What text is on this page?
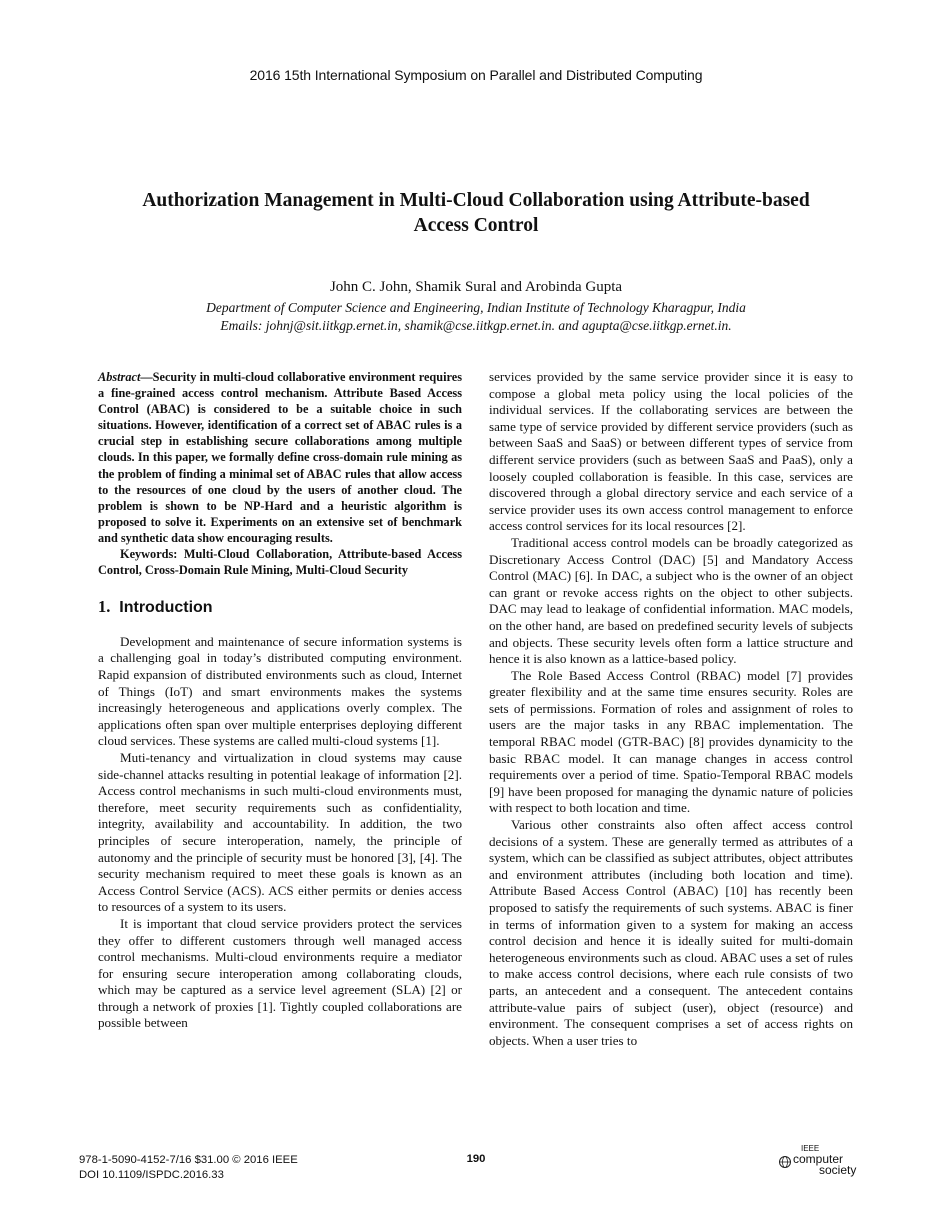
2016 15th International Symposium on Parallel and Distributed Computing
Authorization Management in Multi-Cloud Collaboration using Attribute-based
Access Control
John C. John, Shamik Sural and Arobinda Gupta
Department of Computer Science and Engineering, Indian Institute of Technology Kharagpur, India
Emails: johnj@sit.iitkgp.ernet.in, shamik@cse.iitkgp.ernet.in. and agupta@cse.iitkgp.ernet.in.

Abstract—Security in multi-cloud collaborative environment requires a fine-grained access control mechanism. Attribute Based Access Control (ABAC) is considered to be a suitable choice in such situations. However, identification of a correct set of ABAC rules is a crucial step in establishing secure collaborations among multiple clouds. In this paper, we formally define cross-domain rule mining as the problem of finding a minimal set of ABAC rules that allow access to the resources of one cloud by the users of another cloud. The problem is shown to be NP-Hard and a heuristic algorithm is proposed to solve it. Experiments on an extensive set of benchmark and synthetic data show encouraging results.

Keywords: Multi-Cloud Collaboration, Attribute-based Access Control, Cross-Domain Rule Mining, Multi-Cloud Security

1. Introduction

Development and maintenance of secure information systems is a challenging goal in today’s distributed computing environment. Rapid expansion of distributed environments such as cloud, Internet of Things (IoT) and smart environments makes the systems increasingly heterogeneous and applications overly complex. The applications often span over multiple enterprises deploying different cloud services. These systems are called multi-cloud systems [1].

Muti-tenancy and virtualization in cloud systems may cause side-channel attacks resulting in potential leakage of information [2]. Access control mechanisms in such multi-cloud environments must, therefore, meet security requirements such as confidentiality, integrity, availability and accountability. In addition, the two principles of secure interoperation, namely, the principle of autonomy and the principle of security must be honored [3], [4]. The security mechanism required to meet these goals is known as an Access Control Service (ACS). ACS either permits or denies access to resources of a system to its users.

It is important that cloud service providers protect the services they offer to different customers through well managed access control mechanisms. Multi-cloud environments require a mediator for ensuring secure interoperation among collaborating clouds, which may be captured as a service level agreement (SLA) [2] or through a network of proxies [1]. Tightly coupled collaborations are possible between

services provided by the same service provider since it is easy to compose a global meta policy using the local policies of the individual services. If the collaborating services are between the same type of service provided by different service providers (such as between SaaS and SaaS) or between different types of service from different service providers (such as between SaaS and PaaS), only a loosely coupled collaboration is feasible. In this case, services are discovered through a global directory service and each service of a service provider uses its own access control management to enforce access control services for its local resources [2].

Traditional access control models can be broadly categorized as Discretionary Access Control (DAC) [5] and Mandatory Access Control (MAC) [6]. In DAC, a subject who is the owner of an object can grant or revoke access rights on the object to other subjects. DAC may lead to leakage of confidential information. MAC models, on the other hand, are based on predefined security levels of subjects and objects. These security levels often form a lattice structure and hence it is also known as a lattice-based policy.

The Role Based Access Control (RBAC) model [7] provides greater flexibility and at the same time ensures security. Roles are sets of permissions. Formation of roles and assignment of roles to users are the major tasks in any RBAC implementation. The temporal RBAC model (GTR-BAC) [8] provides dynamicity to the basic RBAC model. It can manage changes in access control requirements over a period of time. Spatio-Temporal RBAC models [9] have been proposed for managing the dynamic nature of policies with respect to both location and time.

Various other constraints also often affect access control decisions of a system. These are generally termed as attributes of a system, which can be classified as subject attributes, object attributes and environment attributes (including both location and time). Attribute Based Access Control (ABAC) [10] has recently been proposed to satisfy the requirements of such systems. ABAC is finer in terms of information given to a system for making an access control decision and hence it is ideally suited for multi-domain heterogeneous environments such as cloud. ABAC uses a set of rules to make access control decisions, where each rule consists of two parts, an antecedent and a consequent. The antecedent contains attribute-value pairs of subject (user), object (resource) and environment. The consequent comprises a set of access rights on objects. When a user tries to

978-1-5090-4152-7/16 $31.00 © 2016 IEEE
DOI 10.1109/ISPDC.2016.33
190
IEEE
computer
society
